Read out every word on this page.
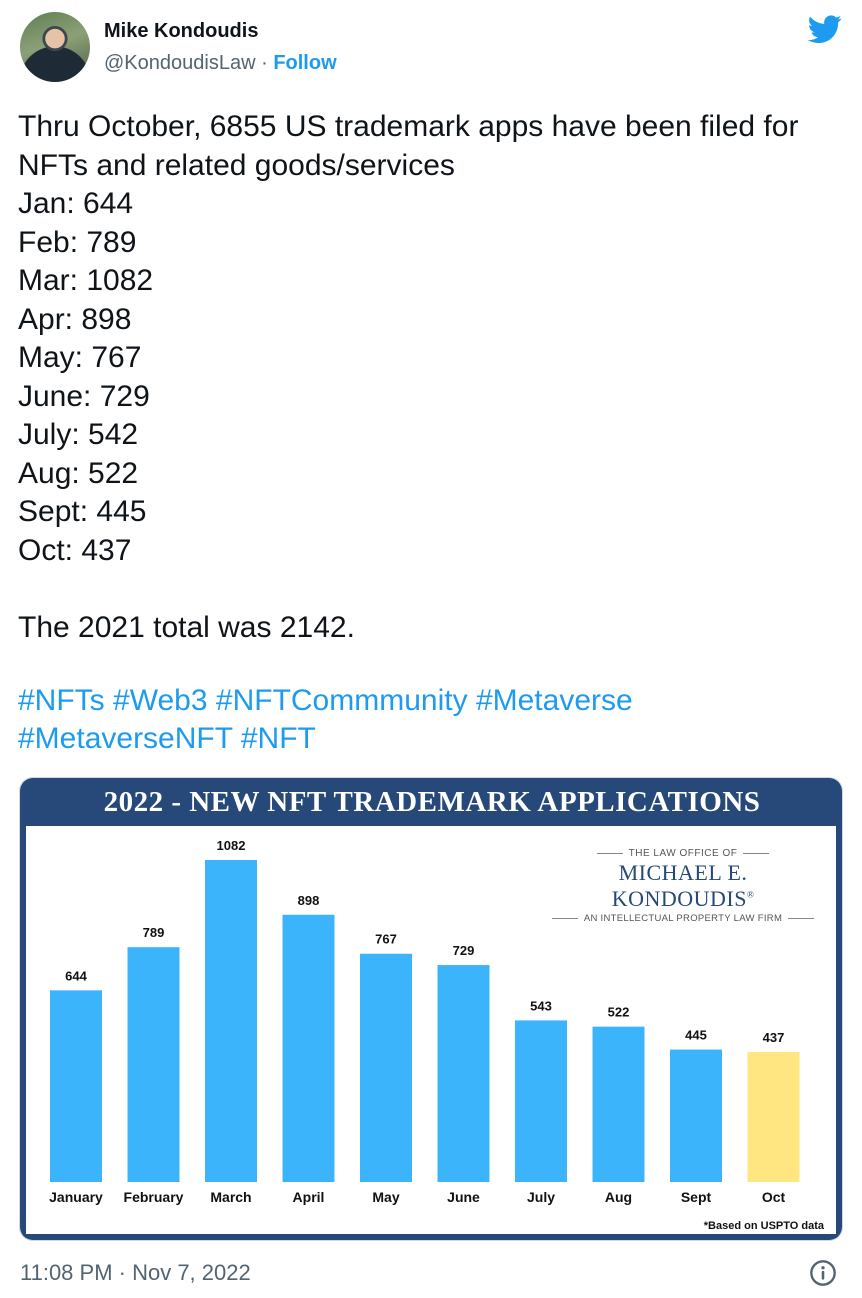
Mike Kondoudis
@KondoudisLaw · Follow
Thru October, 6855 US trademark apps have been filed for
NFTs and related goods/services
Jan: 644
Feb: 789
Mar: 1082
Apr: 898
May: 767
June: 729
July: 542
Aug: 522
Sept: 445
Oct: 437
The 2021 total was 2142.
#NFTs #Web3 #NFTCommmunity #Metaverse
#MetaverseNFT #NFT
2022 - NEW NFT TRADEMARK APPLICATIONS
THE LAW OFFICE OF
MICHAEL E. KONDOUDIS®
AN INTELLECTUAL PROPERTY LAW FIRM
644
January
789
February
1082
March
898
April
767
May
729
June
543
July
522
Aug
445
Sept
437
Oct
*Based on USPTO data
11:08 PM · Nov 7, 2022
